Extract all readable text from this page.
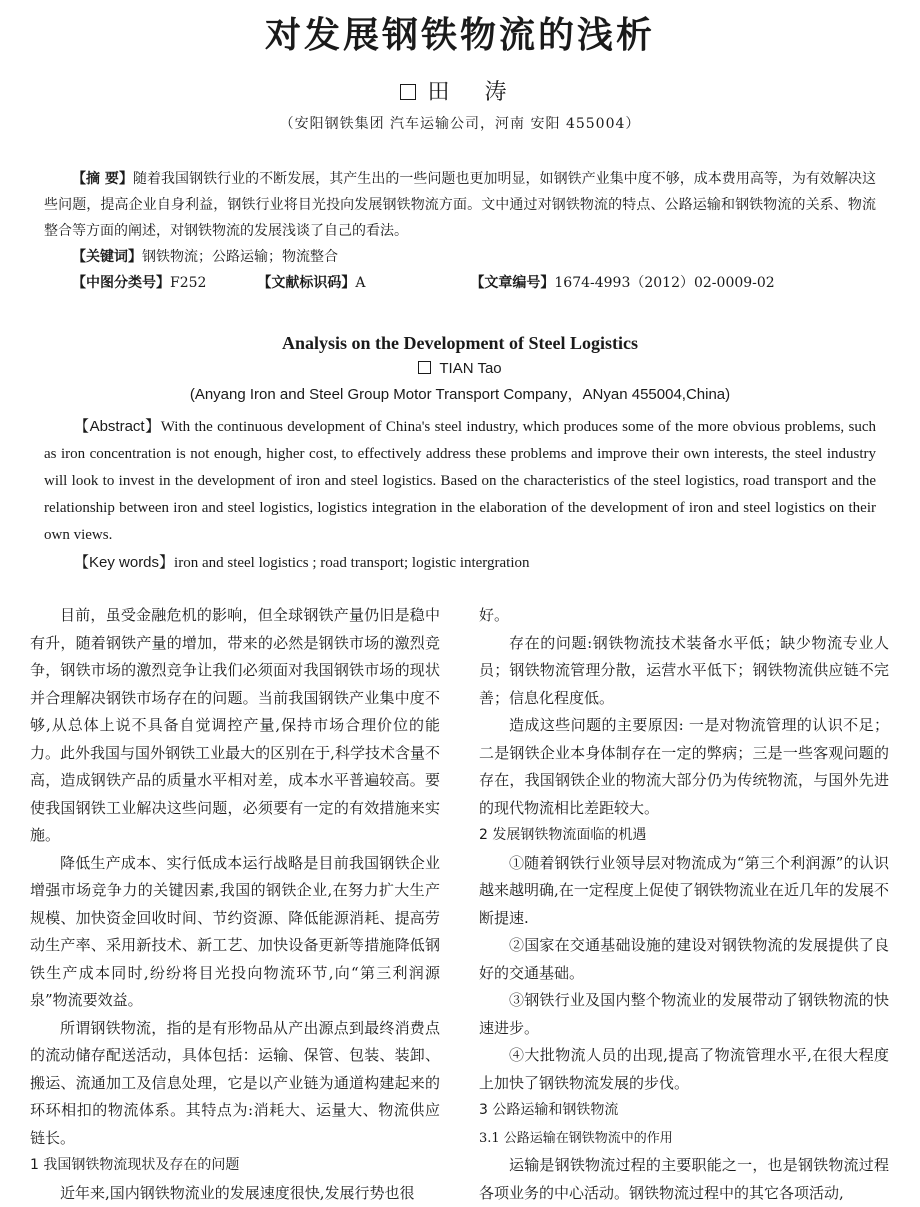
对发展钢铁物流的浅析
田 涛
（安阳钢铁集团 汽车运输公司，河南 安阳 455004）

【摘 要】随着我国钢铁行业的不断发展，其产生出的一些问题也更加明显，如钢铁产业集中度不够，成本费用高等，为有效解决这些问题，提高企业自身利益，钢铁行业将目光投向发展钢铁物流方面。文中通过对钢铁物流的特点、公路运输和钢铁物流的关系、物流整合等方面的阐述，对钢铁物流的发展浅谈了自己的看法。

【关键词】钢铁物流；公路运输；物流整合

【中图分类号】F252	【文献标识码】A	【文章编号】1674-4993（2012）02-0009-02

Analysis on the Development of Steel Logistics
TIAN Tao
(Anyang Iron and Steel Group Motor Transport Company，ANyan 455004,China)

【Abstract】With the continuous development of China's steel industry, which produces some of the more obvious problems, such as iron concentration is not enough, higher cost, to effectively address these problems and improve their own interests, the steel industry will look to invest in the development of iron and steel logistics. Based on the characteristics of the steel logistics, road transport and the relationship between iron and steel logistics, logistics integration in the elaboration of the development of iron and steel logistics on their own views.

【Key words】iron and steel logistics ; road transport; logistic intergration

目前，虽受金融危机的影响，但全球钢铁产量仍旧是稳中有升，随着钢铁产量的增加，带来的必然是钢铁市场的激烈竞争，钢铁市场的激烈竞争让我们必须面对我国钢铁市场的现状并合理解决钢铁市场存在的问题。当前我国钢铁产业集中度不够,从总体上说不具备自觉调控产量,保持市场合理价位的能力。此外我国与国外钢铁工业最大的区别在于,科学技术含量不高，造成钢铁产品的质量水平相对差，成本水平普遍较高。要使我国钢铁工业解决这些问题，必须要有一定的有效措施来实施。

降低生产成本、实行低成本运行战略是目前我国钢铁企业增强市场竞争力的关键因素,我国的钢铁企业,在努力扩大生产规模、加快资金回收时间、节约资源、降低能源消耗、提高劳动生产率、采用新技术、新工艺、加快设备更新等措施降低钢铁生产成本同时,纷纷将目光投向物流环节,向“第三利润源泉”物流要效益。

所谓钢铁物流，指的是有形物品从产出源点到最终消费点的流动储存配送活动，具体包括：运输、保管、包装、装卸、搬运、流通加工及信息处理，它是以产业链为通道构建起来的环环相扣的物流体系。其特点为:消耗大、运量大、物流供应链长。

1 我国钢铁物流现状及存在的问题

近年来,国内钢铁物流业的发展速度很快,发展行势也很

好。

存在的问题:钢铁物流技术装备水平低；缺少物流专业人员；钢铁物流管理分散，运营水平低下；钢铁物流供应链不完善；信息化程度低。

造成这些问题的主要原因: 一是对物流管理的认识不足；二是钢铁企业本身体制存在一定的弊病；三是一些客观问题的存在，我国钢铁企业的物流大部分仍为传统物流，与国外先进的现代物流相比差距较大。

2 发展钢铁物流面临的机遇

①随着钢铁行业领导层对物流成为“第三个利润源”的认识越来越明确,在一定程度上促使了钢铁物流业在近几年的发展不断提速.

②国家在交通基础设施的建设对钢铁物流的发展提供了良好的交通基础。

③钢铁行业及国内整个物流业的发展带动了钢铁物流的快速进步。

④大批物流人员的出现,提高了物流管理水平,在很大程度上加快了钢铁物流发展的步伐。

3 公路运输和钢铁物流

3.1 公路运输在钢铁物流中的作用

运输是钢铁物流过程的主要职能之一，也是钢铁物流过程各项业务的中心活动。钢铁物流过程中的其它各项活动,
